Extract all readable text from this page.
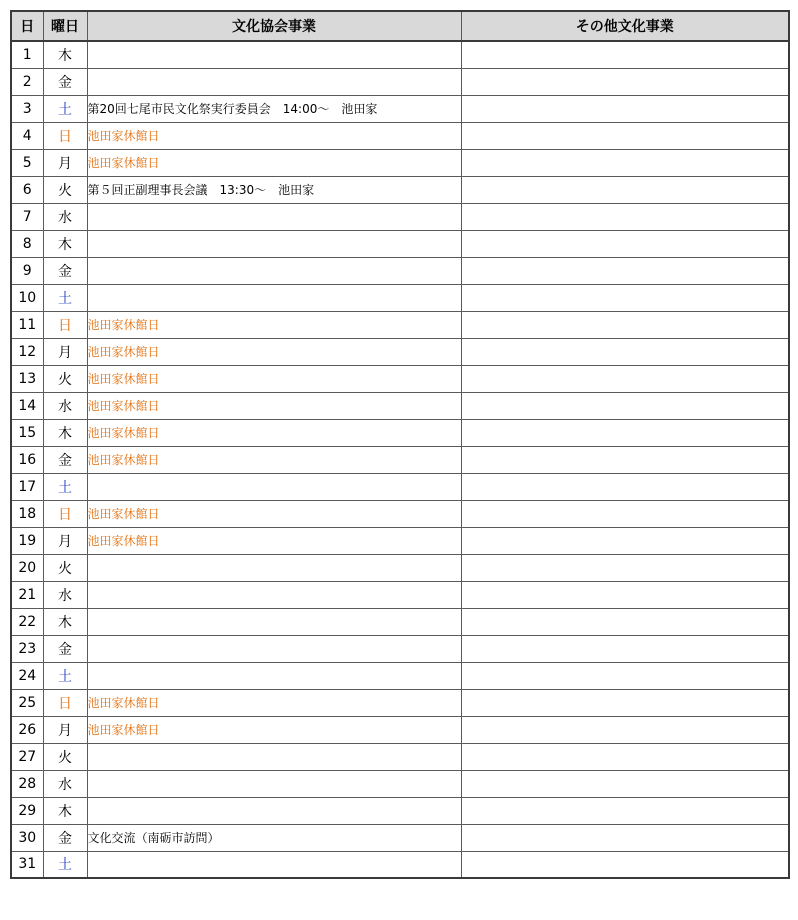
日	曜日	文化協会事業	その他文化事業
1	木		
2	金		
3	土	第20回七尾市民文化祭実行委員会　14:00～　池田家	
4	日	池田家休館日	
5	月	池田家休館日	
6	火	第５回正副理事長会議　13:30～　池田家	
7	水		
8	木		
9	金		
10	土		
11	日	池田家休館日	
12	月	池田家休館日	
13	火	池田家休館日	
14	水	池田家休館日	
15	木	池田家休館日	
16	金	池田家休館日	
17	土		
18	日	池田家休館日	
19	月	池田家休館日	
20	火		
21	水		
22	木		
23	金		
24	土		
25	日	池田家休館日	
26	月	池田家休館日	
27	火		
28	水		
29	木		
30	金	文化交流（南砺市訪問）	
31	土		
